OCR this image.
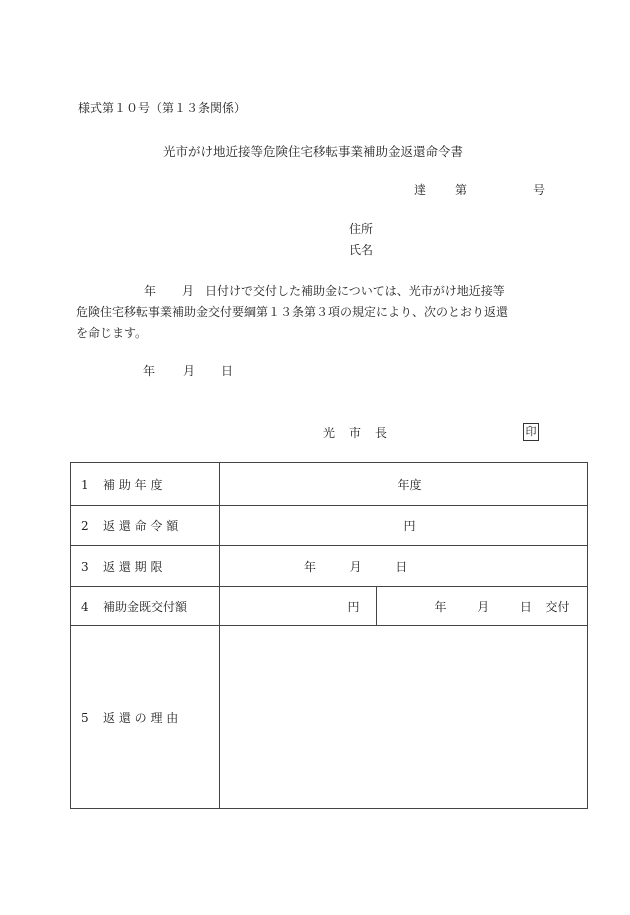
様式第１０号（第１３条関係）
光市がけ地近接等危険住宅移転事業補助金返還命令書
達 第	号
住所
氏名
年 月 日付けで交付した補助金については、光市がけ地近接等
危険住宅移転事業補助金交付要綱第１３条第３項の規定により、次のとおり返還
を命じます。
年 月 日
光 市 長	印
1 補 助 年 度	年度	
2 返 還 命 令 額	円	
3 返 還 期 限	年 月 日	
4 補助金既交付額	円	年 月 日 交付
5 返 還 の 理 由		
